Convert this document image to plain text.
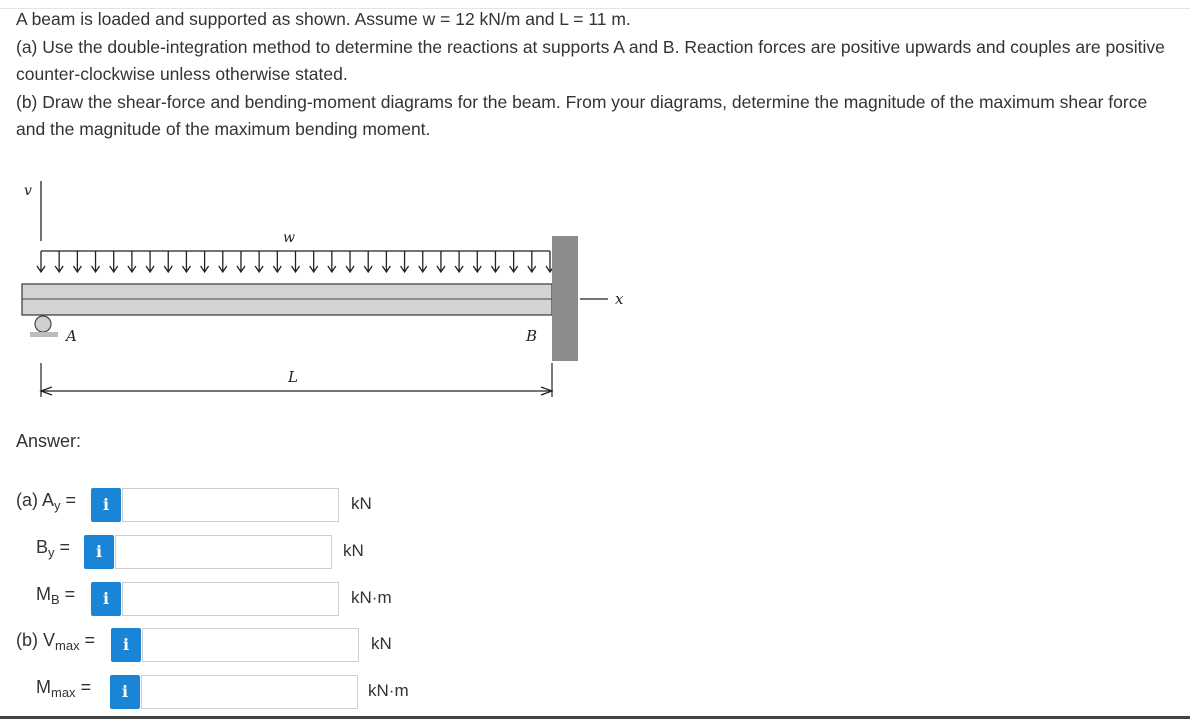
A beam is loaded and supported as shown. Assume w = 12 kN/m and L = 11 m.

(a) Use the double-integration method to determine the reactions at supports A and B. Reaction forces are positive upwards and couples are positive counter-clockwise unless otherwise stated.

(b) Draw the shear-force and bending-moment diagrams for the beam. From your diagrams, determine the magnitude of the maximum shear force and the magnitude of the maximum bending moment.

v
w
x
B
A
L
Answer:
(a) $A_y$ =	i	kN
$B_y$ =	i	kN
$M_B$ =	i	kN·m
(b) $V_{max}$ =	i	kN
$M_{max}$ =	i	kN·m
